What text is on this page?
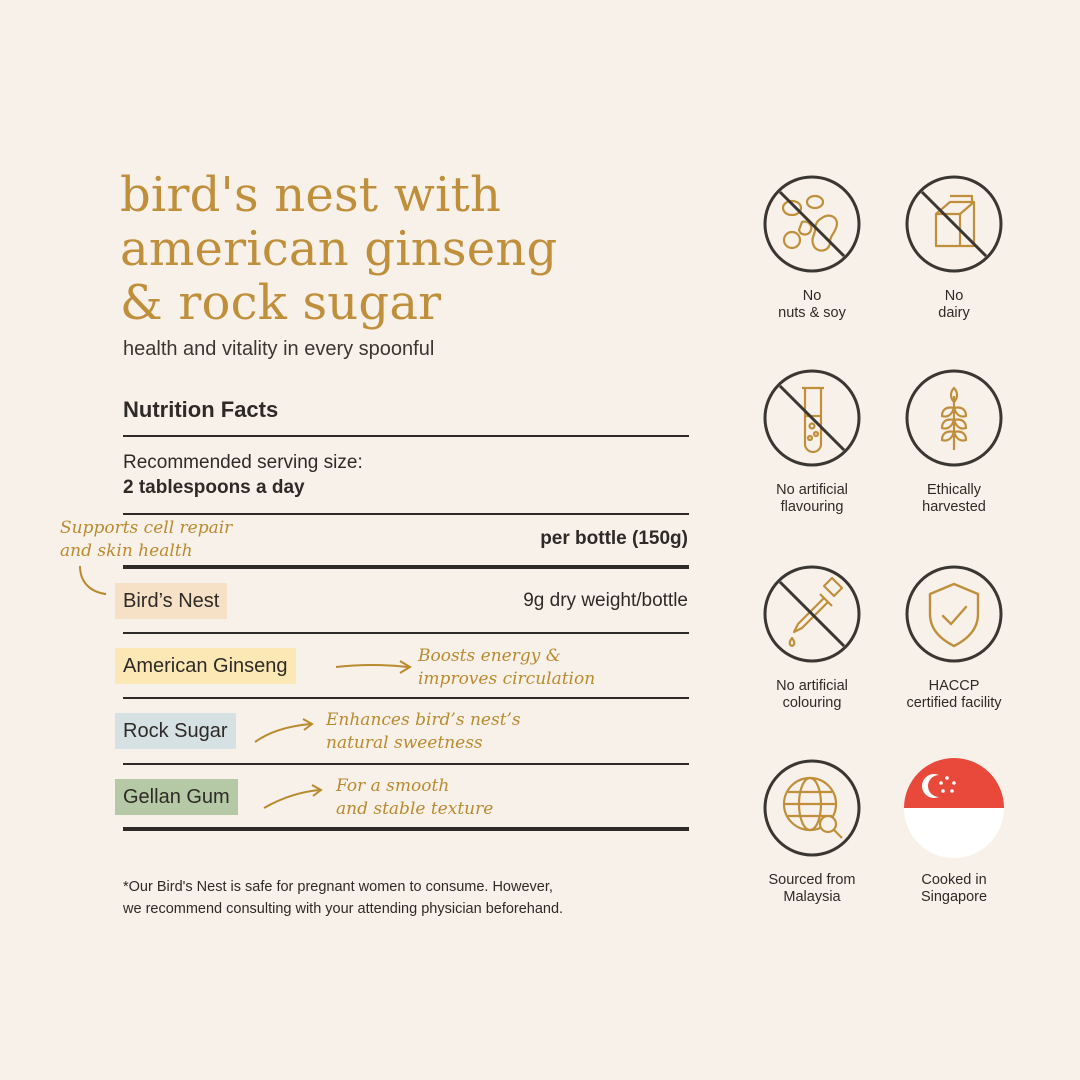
bird's nest with
american ginseng
& rock sugar
health and vitality in every spoonful
Nutrition Facts
Recommended serving size:
2 tablespoons a day
per bottle (150g)
Bird’s Nest	9g dry weight/bottle
American Ginseng
Rock Sugar
Gellan Gum
Supports cell repair
and skin health
Boosts energy &
improves circulation
Enhances bird’s nest’s
natural sweetness
For a smooth
and stable texture
*Our Bird's Nest is safe for pregnant women to consume. However,
we recommend consulting with your attending physician beforehand.
No
nuts & soy
No
dairy
No artificial
flavouring
Ethically
harvested
No artificial
colouring
HACCP
certified facility
Sourced from
Malaysia
Cooked in
Singapore
